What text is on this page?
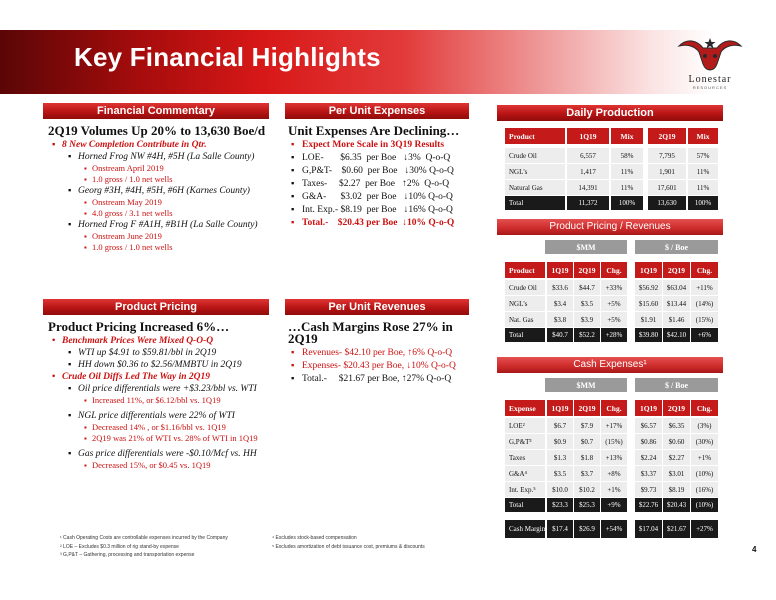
Key Financial Highlights
Lonestar
RESOURCES
Financial Commentary	Per Unit Expenses	Daily Production
Product Pricing / Revenues
Product Pricing	Per Unit Revenues
Cash Expenses¹
2Q19 Volumes Up 20% to 13,630 Boe/d
▪ 8 New Completion Contribute in Qtr.
▪ Horned Frog NW #4H, #5H (La Salle County)
▪ Onstream April 2019
▪ 1.0 gross / 1.0 net wells
▪ Georg #3H, #4H, #5H, #6H (Karnes County)
▪ Onstream May 2019
▪ 4.0 gross / 3.1 net wells
▪ Horned Frog F #A1H, #B1H (La Salle County)
▪ Onstream June 2019
▪ 1.0 gross / 1.0 net wells
Unit Expenses Are Declining…
▪ Expect More Scale in 3Q19 Results
▪ LOE-       $6.35  per Boe   ↓3%  Q-o-Q
▪ G,P&T-    $0.60  per Boe   ↓30% Q-o-Q
▪ Taxes-     $2.27  per Boe   ↑2%  Q-o-Q
▪ G&A-      $3.02  per Boe   ↓10% Q-o-Q
▪ Int. Exp.- $8.19  per Boe   ↓16% Q-o-Q
▪ Total.-    $20.43 per Boe  ↓10% Q-o-Q
Product Pricing Increased 6%…
• Benchmark Prices Were Mixed Q-O-Q
▪ WTI up $4.91 to $59.81/bbl in 2Q19
▪ HH down $0.36 to $2.56/MMBTU in 2Q19
• Crude Oil Diffs Led The Way in 2Q19
▪ Oil price differentials were +$3.23/bbl vs. WTI
▪ Increased 11%, or $6.12/bbl vs. 1Q19
▪ NGL price differentials were 22% of WTI
▪ Decreased 14% , or $1.16/bbl vs. 1Q19
▪ 2Q19 was 21% of WTI vs. 28% of WTI in 1Q19
▪ Gas price differentials were -$0.10/Mcf vs. HH
▪ Decreased 15%, or $0.45 vs. 1Q19
…Cash Margins Rose 27% in 2Q19
▪ Revenues- $42.10 per Boe, ↑6% Q-o-Q
▪ Expenses- $20.43 per Boe, ↓10% Q-o-Q
▪ Total.-     $21.67 per Boe, ↑27% Q-o-Q
Product	1Q19	Mix	2Q19	Mix
Crude Oil	6,557	58%	7,795	57%
NGL's	1,417	11%	1,901	11%
Natural Gas	14,391	11%	17,601	11%
Total	11,372	100%	13,630	100%
$MM	$ / Boe
Product	1Q19	2Q19	Chg.	1Q19	2Q19	Chg.
Crude Oil	$33.6	$44.7	+33%	$56.92	$63.04	+11%
NGL's	$3.4	$3.5	+5%	$15.60	$13.44	(14%)
Nat. Gas	$3.8	$3.9	+5%	$1.91	$1.46	(15%)
Total	$40.7	$52.2	+28%	$39.80	$42.10	+6%
$MM	$ / Boe
Expense	1Q19	2Q19	Chg.	1Q19	2Q19	Chg.
LOE²	$6.7	$7.9	+17%	$6.57	$6.35	(3%)
G,P&T³	$0.9	$0.7	(15%)	$0.86	$0.60	(30%)
Taxes	$1.3	$1.8	+13%	$2.24	$2.27	+1%
G&A⁴	$3.5	$3.7	+8%	$3.37	$3.01	(10%)
Int. Exp.⁵	$10.0	$10.2	+1%	$9.73	$8.19	(16%)
Total	$23.3	$25.3	+9%	$22.76	$20.43	(10%)
Cash Margin $17.4	$26.9	+54%	$17.04	$21.67	+27%
¹ Cash Operating Costs are controllable expenses incurred by the Company
² LOE – Excludes $0.3 million of rig stand-by expense
³ G,P&T – Gathering, processing and transportation expense
⁴ Excludes stock-based compensation
⁵ Excludes amortization of debt issuance cost, premiums & discounts	4
